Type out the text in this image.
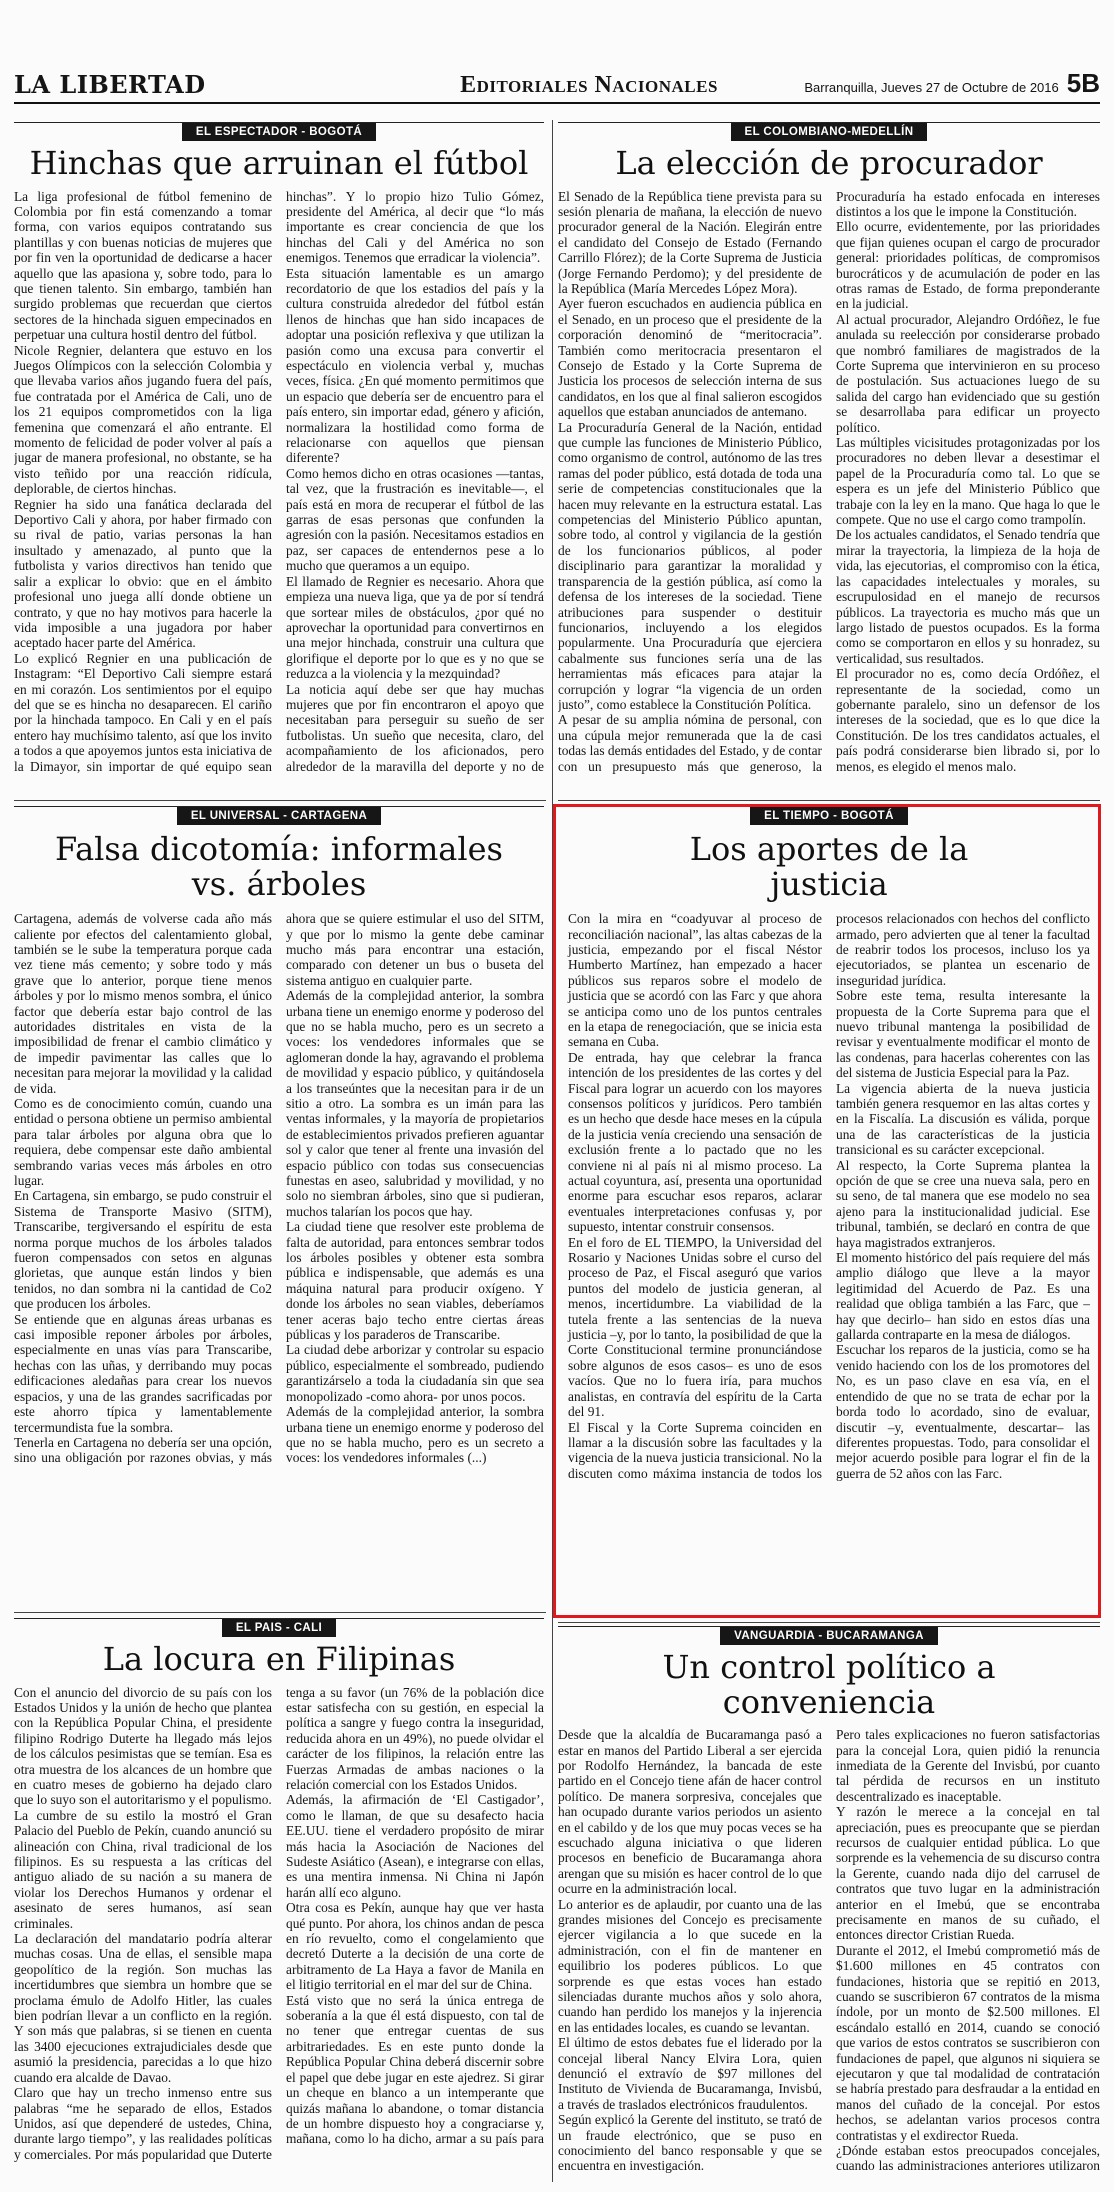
LA LIBERTAD	Editoriales Nacionales	Barranquilla, Jueves 27 de Octubre de 2016 5B
EL ESPECTADOR - BOGOTÁ
Hinchas que arruinan el fútbol

La liga profesional de fútbol femenino de Colombia por fin está comenzando a tomar forma, con varios equipos contratando sus plantillas y con buenas noticias de mujeres que por fin ven la oportunidad de dedicarse a hacer aquello que las apasiona y, sobre todo, para lo que tienen talento. Sin embargo, también han surgido problemas que recuerdan que ciertos sectores de la hinchada siguen empecinados en perpetuar una cultura hostil dentro del fútbol.

Nicole Regnier, delantera que estuvo en los Juegos Olímpicos con la selección Colombia y que llevaba varios años jugando fuera del país, fue contratada por el América de Cali, uno de los 21 equipos comprometidos con la liga femenina que comenzará el año entrante. El momento de felicidad de poder volver al país a jugar de manera profesional, no obstante, se ha visto teñido por una reacción ridícula, deplorable, de ciertos hinchas.

Regnier ha sido una fanática declarada del Deportivo Cali y ahora, por haber firmado con su rival de patio, varias personas la han insultado y amenazado, al punto que la futbolista y varios directivos han tenido que salir a explicar lo obvio: que en el ámbito profesional uno juega allí donde obtiene un contrato, y que no hay motivos para hacerle la vida imposible a una jugadora por haber aceptado hacer parte del América.

Lo explicó Regnier en una publicación de Instagram: “El Deportivo Cali siempre estará en mi corazón. Los sentimientos por el equipo del que se es hincha no desaparecen. El cariño por la hinchada tampoco. En Cali y en el país entero hay muchísimo talento, así que los invito a todos a que apoyemos juntos esta iniciativa de la Dimayor, sin importar de qué equipo sean hinchas”. Y lo propio hizo Tulio Gómez, presidente del América, al decir que “lo más importante es crear conciencia de que los hinchas del Cali y del América no son enemigos. Tenemos que erradicar la violencia”.

Esta situación lamentable es un amargo recordatorio de que los estadios del país y la cultura construida alrededor del fútbol están llenos de hinchas que han sido incapaces de adoptar una posición reflexiva y que utilizan la pasión como una excusa para convertir el espectáculo en violencia verbal y, muchas veces, física. ¿En qué momento permitimos que un espacio que debería ser de encuentro para el país entero, sin importar edad, género y afición, normalizara la hostilidad como forma de relacionarse con aquellos que piensan diferente?

Como hemos dicho en otras ocasiones —tantas, tal vez, que la frustración es inevitable—, el país está en mora de recuperar el fútbol de las garras de esas personas que confunden la agresión con la pasión. Necesitamos estadios en paz, ser capaces de entendernos pese a lo mucho que queramos a un equipo.

El llamado de Regnier es necesario. Ahora que empieza una nueva liga, que ya de por sí tendrá que sortear miles de obstáculos, ¿por qué no aprovechar la oportunidad para convertirnos en una mejor hinchada, construir una cultura que glorifique el deporte por lo que es y no que se reduzca a la violencia y la mezquindad?

La noticia aquí debe ser que hay muchas mujeres que por fin encontraron el apoyo que necesitaban para perseguir su sueño de ser futbolistas. Un sueño que necesita, claro, del acompañamiento de los aficionados, pero alrededor de la maravilla del deporte y no de

EL COLOMBIANO-MEDELLÍN
La elección de procurador

El Senado de la República tiene prevista para su sesión plenaria de mañana, la elección de nuevo procurador general de la Nación. Elegirán entre el candidato del Consejo de Estado (Fernando Carrillo Flórez); de la Corte Suprema de Justicia (Jorge Fernando Perdomo); y del presidente de la República (María Mercedes López Mora).

Ayer fueron escuchados en audiencia pública en el Senado, en un proceso que el presidente de la corporación denominó de “meritocracia”. También como meritocracia presentaron el Consejo de Estado y la Corte Suprema de Justicia los procesos de selección interna de sus candidatos, en los que al final salieron escogidos aquellos que estaban anunciados de antemano.

La Procuraduría General de la Nación, entidad que cumple las funciones de Ministerio Público, como organismo de control, autónomo de las tres ramas del poder público, está dotada de toda una serie de competencias constitucionales que la hacen muy relevante en la estructura estatal. Las competencias del Ministerio Público apuntan, sobre todo, al control y vigilancia de la gestión de los funcionarios públicos, al poder disciplinario para garantizar la moralidad y transparencia de la gestión pública, así como la defensa de los intereses de la sociedad. Tiene atribuciones para suspender o destituir funcionarios, incluyendo a los elegidos popularmente. Una Procuraduría que ejerciera cabalmente sus funciones sería una de las herramientas más eficaces para atajar la corrupción y lograr “la vigencia de un orden justo”, como establece la Constitución Política.

A pesar de su amplia nómina de personal, con una cúpula mejor remunerada que la de casi todas las demás entidades del Estado, y de contar con un presupuesto más que generoso, la Procuraduría ha estado enfocada en intereses distintos a los que le impone la Constitución.

Ello ocurre, evidentemente, por las prioridades que fijan quienes ocupan el cargo de procurador general: prioridades políticas, de compromisos burocráticos y de acumulación de poder en las otras ramas de Estado, de forma preponderante en la judicial.

Al actual procurador, Alejandro Ordóñez, le fue anulada su reelección por considerarse probado que nombró familiares de magistrados de la Corte Suprema que intervinieron en su proceso de postulación. Sus actuaciones luego de su salida del cargo han evidenciado que su gestión se desarrollaba para edificar un proyecto político.

Las múltiples vicisitudes protagonizadas por los procuradores no deben llevar a desestimar el papel de la Procuraduría como tal. Lo que se espera es un jefe del Ministerio Público que trabaje con la ley en la mano. Que haga lo que le compete. Que no use el cargo como trampolín.

De los actuales candidatos, el Senado tendría que mirar la trayectoria, la limpieza de la hoja de vida, las ejecutorias, el compromiso con la ética, las capacidades intelectuales y morales, su escrupulosidad en el manejo de recursos públicos. La trayectoria es mucho más que un largo listado de puestos ocupados. Es la forma como se comportaron en ellos y su honradez, su verticalidad, sus resultados.

El procurador no es, como decía Ordóñez, el representante de la sociedad, como un gobernante paralelo, sino un defensor de los intereses de la sociedad, que es lo que dice la Constitución. De los tres candidatos actuales, el país podrá considerarse bien librado si, por lo menos, es elegido el menos malo.

EL UNIVERSAL - CARTAGENA
Falsa dicotomía: informales vs. árboles

Cartagena, además de volverse cada año más caliente por efectos del calentamiento global, también se le sube la temperatura porque cada vez tiene más cemento; y sobre todo y más grave que lo anterior, porque tiene menos árboles y por lo mismo menos sombra, el único factor que debería estar bajo control de las autoridades distritales en vista de la imposibilidad de frenar el cambio climático y de impedir pavimentar las calles que lo necesitan para mejorar la movilidad y la calidad de vida.

Como es de conocimiento común, cuando una entidad o persona obtiene un permiso ambiental para talar árboles por alguna obra que lo requiera, debe compensar este daño ambiental sembrando varias veces más árboles en otro lugar.

En Cartagena, sin embargo, se pudo construir el Sistema de Transporte Masivo (SITM), Transcaribe, tergiversando el espíritu de esta norma porque muchos de los árboles talados fueron compensados con setos en algunas glorietas, que aunque están lindos y bien tenidos, no dan sombra ni la cantidad de Co2 que producen los árboles.

Se entiende que en algunas áreas urbanas es casi imposible reponer árboles por árboles, especialmente en unas vías para Transcaribe, hechas con las uñas, y derribando muy pocas edificaciones aledañas para crear los nuevos espacios, y una de las grandes sacrificadas por este ahorro típica y lamentablemente tercermundista fue la sombra.

Tenerla en Cartagena no debería ser una opción, sino una obligación por razones obvias, y más ahora que se quiere estimular el uso del SITM, y que por lo mismo la gente debe caminar mucho más para encontrar una estación, comparado con detener un bus o buseta del sistema antiguo en cualquier parte.

Además de la complejidad anterior, la sombra urbana tiene un enemigo enorme y poderoso del que no se habla mucho, pero es un secreto a voces: los vendedores informales que se aglomeran donde la hay, agravando el problema de movilidad y espacio público, y quitándosela a los transeúntes que la necesitan para ir de un sitio a otro. La sombra es un imán para las ventas informales, y la mayoría de propietarios de establecimientos privados prefieren aguantar sol y calor que tener al frente una invasión del espacio público con todas sus consecuencias funestas en aseo, salubridad y movilidad, y no solo no siembran árboles, sino que si pudieran, muchos talarían los pocos que hay.

La ciudad tiene que resolver este problema de falta de autoridad, para entonces sembrar todos los árboles posibles y obtener esta sombra pública e indispensable, que además es una máquina natural para producir oxígeno. Y donde los árboles no sean viables, deberíamos tener aceras bajo techo entre ciertas áreas públicas y los paraderos de Transcaribe.

La ciudad debe arborizar y controlar su espacio público, especialmente el sombreado, pudiendo garantizárselo a toda la ciudadanía sin que sea monopolizado -como ahora- por unos pocos.

Además de la complejidad anterior, la sombra urbana tiene un enemigo enorme y poderoso del que no se habla mucho, pero es un secreto a voces: los vendedores informales (...)

EL TIEMPO - BOGOTÁ
Los aportes de la justicia

Con la mira en “coadyuvar al proceso de reconciliación nacional”, las altas cabezas de la justicia, empezando por el fiscal Néstor Humberto Martínez, han empezado a hacer públicos sus reparos sobre el modelo de justicia que se acordó con las Farc y que ahora se anticipa como uno de los puntos centrales en la etapa de renegociación, que se inicia esta semana en Cuba.

De entrada, hay que celebrar la franca intención de los presidentes de las cortes y del Fiscal para lograr un acuerdo con los mayores consensos políticos y jurídicos. Pero también es un hecho que desde hace meses en la cúpula de la justicia venía creciendo una sensación de exclusión frente a lo pactado que no les conviene ni al país ni al mismo proceso. La actual coyuntura, así, presenta una oportunidad enorme para escuchar esos reparos, aclarar eventuales interpretaciones confusas y, por supuesto, intentar construir consensos.

En el foro de EL TIEMPO, la Universidad del Rosario y Naciones Unidas sobre el curso del proceso de Paz, el Fiscal aseguró que varios puntos del modelo de justicia generan, al menos, incertidumbre. La viabilidad de la tutela frente a las sentencias de la nueva justicia –y, por lo tanto, la posibilidad de que la Corte Constitucional termine pronunciándose sobre algunos de esos casos– es uno de esos vacíos. Que no lo fuera iría, para muchos analistas, en contravía del espíritu de la Carta del 91.

El Fiscal y la Corte Suprema coinciden en llamar a la discusión sobre las facultades y la vigencia de la nueva justicia transicional. No la discuten como máxima instancia de todos los procesos relacionados con hechos del conflicto armado, pero advierten que al tener la facultad de reabrir todos los procesos, incluso los ya ejecutoriados, se plantea un escenario de inseguridad jurídica.

Sobre este tema, resulta interesante la propuesta de la Corte Suprema para que el nuevo tribunal mantenga la posibilidad de revisar y eventualmente modificar el monto de las condenas, para hacerlas coherentes con las del sistema de Justicia Especial para la Paz.

La vigencia abierta de la nueva justicia también genera resquemor en las altas cortes y en la Fiscalía. La discusión es válida, porque una de las características de la justicia transicional es su carácter excepcional.

Al respecto, la Corte Suprema plantea la opción de que se cree una nueva sala, pero en su seno, de tal manera que ese modelo no sea ajeno para la institucionalidad judicial. Ese tribunal, también, se declaró en contra de que haya magistrados extranjeros.

El momento histórico del país requiere del más amplio diálogo que lleve a la mayor legitimidad del Acuerdo de Paz. Es una realidad que obliga también a las Farc, que –hay que decirlo– han sido en estos días una gallarda contraparte en la mesa de diálogos.

Escuchar los reparos de la justicia, como se ha venido haciendo con los de los promotores del No, es un paso clave en esa vía, en el entendido de que no se trata de echar por la borda todo lo acordado, sino de evaluar, discutir –y, eventualmente, descartar– las diferentes propuestas. Todo, para consolidar el mejor acuerdo posible para lograr el fin de la guerra de 52 años con las Farc.

EL PAIS - CALI
La locura en Filipinas

Con el anuncio del divorcio de su país con los Estados Unidos y la unión de hecho que plantea con la República Popular China, el presidente filipino Rodrigo Duterte ha llegado más lejos de los cálculos pesimistas que se temían. Esa es otra muestra de los alcances de un hombre que en cuatro meses de gobierno ha dejado claro que lo suyo son el autoritarismo y el populismo.

La cumbre de su estilo la mostró el Gran Palacio del Pueblo de Pekín, cuando anunció su alineación con China, rival tradicional de los filipinos. Es su respuesta a las críticas del antiguo aliado de su nación a su manera de violar los Derechos Humanos y ordenar el asesinato de seres humanos, así sean criminales.

La declaración del mandatario podría alterar muchas cosas. Una de ellas, el sensible mapa geopolítico de la región. Son muchas las incertidumbres que siembra un hombre que se proclama émulo de Adolfo Hitler, las cuales bien podrían llevar a un conflicto en la región. Y son más que palabras, si se tienen en cuenta las 3400 ejecuciones extrajudiciales desde que asumió la presidencia, parecidas a lo que hizo cuando era alcalde de Davao.

Claro que hay un trecho inmenso entre sus palabras “me he separado de ellos, Estados Unidos, así que dependeré de ustedes, China, durante largo tiempo”, y las realidades políticas y comerciales. Por más popularidad que Duterte tenga a su favor (un 76% de la población dice estar satisfecha con su gestión, en especial la política a sangre y fuego contra la inseguridad, reducida ahora en un 49%), no puede olvidar el carácter de los filipinos, la relación entre las Fuerzas Armadas de ambas naciones o la relación comercial con los Estados Unidos.

Además, la afirmación de ‘El Castigador’, como le llaman, de que su desafecto hacia EE.UU. tiene el verdadero propósito de mirar más hacia la Asociación de Naciones del Sudeste Asiático (Asean), e integrarse con ellas, es una mentira inmensa. Ni China ni Japón harán allí eco alguno.

Otra cosa es Pekín, aunque hay que ver hasta qué punto. Por ahora, los chinos andan de pesca en río revuelto, como el congelamiento que decretó Duterte a la decisión de una corte de arbitramento de La Haya a favor de Manila en el litigio territorial en el mar del sur de China.

Está visto que no será la única entrega de soberanía a la que él está dispuesto, con tal de no tener que entregar cuentas de sus arbitrariedades. Es en este punto donde la República Popular China deberá discernir sobre el papel que debe jugar en este ajedrez. Si girar un cheque en blanco a un intemperante que quizás mañana lo abandone, o tomar distancia de un hombre dispuesto hoy a congraciarse y, mañana, como lo ha dicho, armar a su país para

VANGUARDIA - BUCARAMANGA
Un control político a conveniencia

Desde que la alcaldía de Bucaramanga pasó a estar en manos del Partido Liberal a ser ejercida por Rodolfo Hernández, la bancada de este partido en el Concejo tiene afán de hacer control político. De manera sorpresiva, concejales que han ocupado durante varios periodos un asiento en el cabildo y de los que muy pocas veces se ha escuchado alguna iniciativa o que lideren procesos en beneficio de Bucaramanga ahora arengan que su misión es hacer control de lo que ocurre en la administración local.

Lo anterior es de aplaudir, por cuanto una de las grandes misiones del Concejo es precisamente ejercer vigilancia a lo que sucede en la administración, con el fin de mantener en equilibrio los poderes públicos. Lo que sorprende es que estas voces han estado silenciadas durante muchos años y solo ahora, cuando han perdido los manejos y la injerencia en las entidades locales, es cuando se levantan.

El último de estos debates fue el liderado por la concejal liberal Nancy Elvira Lora, quien denunció el extravío de $97 millones del Instituto de Vivienda de Bucaramanga, Invisbú, a través de traslados electrónicos fraudulentos.

Según explicó la Gerente del instituto, se trató de un fraude electrónico, que se puso en conocimiento del banco responsable y que se encuentra en investigación.

Pero tales explicaciones no fueron satisfactorias para la concejal Lora, quien pidió la renuncia inmediata de la Gerente del Invisbú, por cuanto tal pérdida de recursos en un instituto descentralizado es inaceptable.

Y razón le merece a la concejal en tal apreciación, pues es preocupante que se pierdan recursos de cualquier entidad pública. Lo que sorprende es la vehemencia de su discurso contra la Gerente, cuando nada dijo del carrusel de contratos que tuvo lugar en la administración anterior en el Imebú, que se encontraba precisamente en manos de su cuñado, el entonces director Cristian Rueda.

Durante el 2012, el Imebú comprometió más de $1.600 millones en 45 contratos con fundaciones, historia que se repitió en 2013, cuando se suscribieron 67 contratos de la misma índole, por un monto de $2.500 millones. El escándalo estalló en 2014, cuando se conoció que varios de estos contratos se suscribieron con fundaciones de papel, que algunos ni siquiera se ejecutaron y que tal modalidad de contratación se habría prestado para desfraudar a la entidad en manos del cuñado de la concejal. Por estos hechos, se adelantan varios procesos contra contratistas y el exdirector Rueda.

¿Dónde estaban estos preocupados concejales, cuando las administraciones anteriores utilizaron
